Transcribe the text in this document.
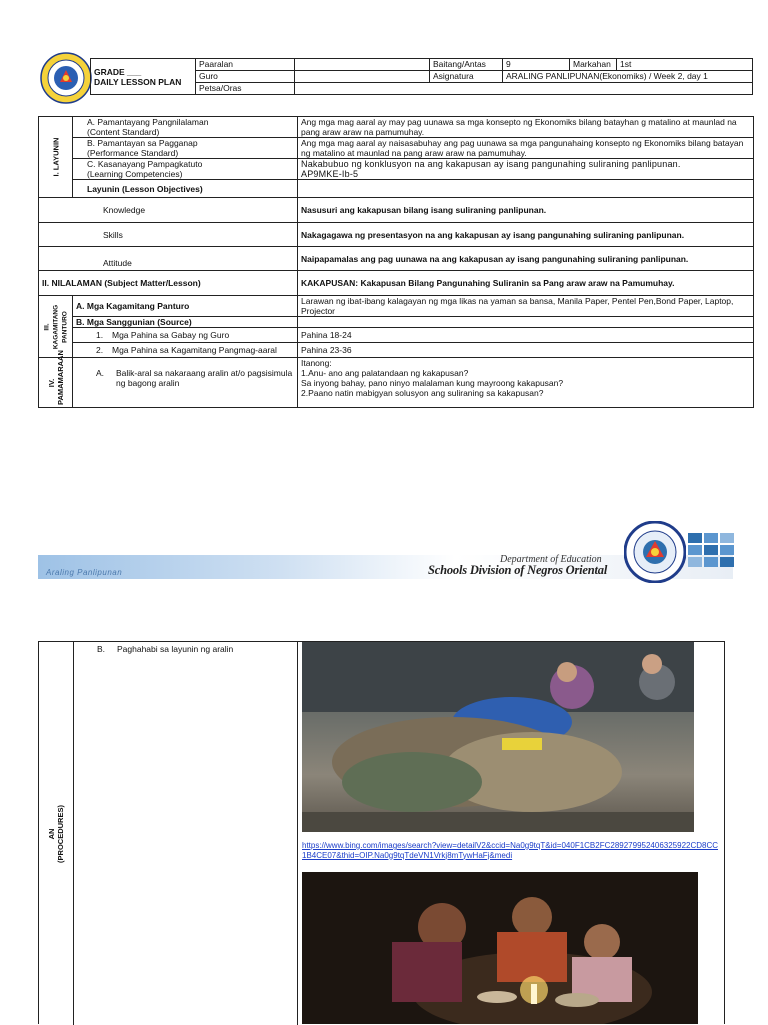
GRADE ___
DAILY LESSON PLAN	Paaralan		Baitang/Antas	9	Markahan	1st
	Guro		Asignatura	ARALING PANLIPUNAN(Ekonomiks) / Week 2, day 1		
	Petsa/Oras					
I. LAYUNIN	A. Pamantayang Pangnilalaman
(Content Standard)	Ang mga mag aaral ay may pag uunawa sa mga konsepto ng Ekonomiks bilang batayhan g matalino at maunlad na pang araw araw na pamumuhay.
	B. Pamantayan sa Pagganap
(Performance Standard)	Ang mga mag aaral ay naisasabuhay ang pag uunawa sa mga pangunahaing konsepto ng Ekonomiks bilang batayan ng matalino at maunlad na pang araw araw na pamumuhay.
	C. Kasanayang Pampagkatuto
(Learning Competencies)	Nakabubuo ng konklusyon na ang kakapusan ay isang pangunahing suliraning panlipunan.
AP9MKE-Ib-5
	Layunin (Lesson Objectives)	
Knowledge		Nasusuri ang kakapusan bilang isang suliraning panlipunan.
Skills		Nakagagawa ng presentasyon na ang kakapusan ay isang pangunahing suliraning panlipunan.
Attitude		Naipapamalas ang pag uunawa na ang kakapusan ay isang pangunahing suliraning panlipunan.
II. NILALAMAN (Subject Matter/Lesson)		KAKAPUSAN: Kakapusan Bilang Pangunahing Suliranin sa Pang araw araw na Pamumuhay.

III. KAGAMITANG PANTURO	A. Mga Kagamitang Panturo	Larawan ng ibat-ibang kalagayan ng mga likas na yaman sa bansa, Manila Paper, Pentel Pen,Bond Paper, Laptop, Projector
	B. Mga Sanggunian (Source)	
	1. Mga Pahina sa Gabay ng Guro	Pahina 18-24
	2. Mga Pahina sa Kagamitang Pangmag-aaral	Pahina 23-36

IV. PAMAMARAAN	A. Balik-aral sa nakaraang aralin at/o pagsisimula ng bagong aralin	Itanong:
1.Anu- ano ang palatandaan ng kakapusan?
Sa inyong bahay, pano ninyo malalaman kung mayroong kakapusan?
2.Paano natin mabigyan solusyon ang suliraning sa kakapusan?
Araling Panlipunan
Department of Education
Schools Division of Negros Oriental
AN
(PROCEDURES)
B.	Paghahabi sa layunin ng aralin
https://www.bing.com/images/search?view=detailV2&ccid=Na0g9tqT&id=040F1CB2FC289279952406325922CD8CC1B4CE07&thid=OIP.Na0g9tqTdeVN1Vrkj8mTywHaFj&medi
